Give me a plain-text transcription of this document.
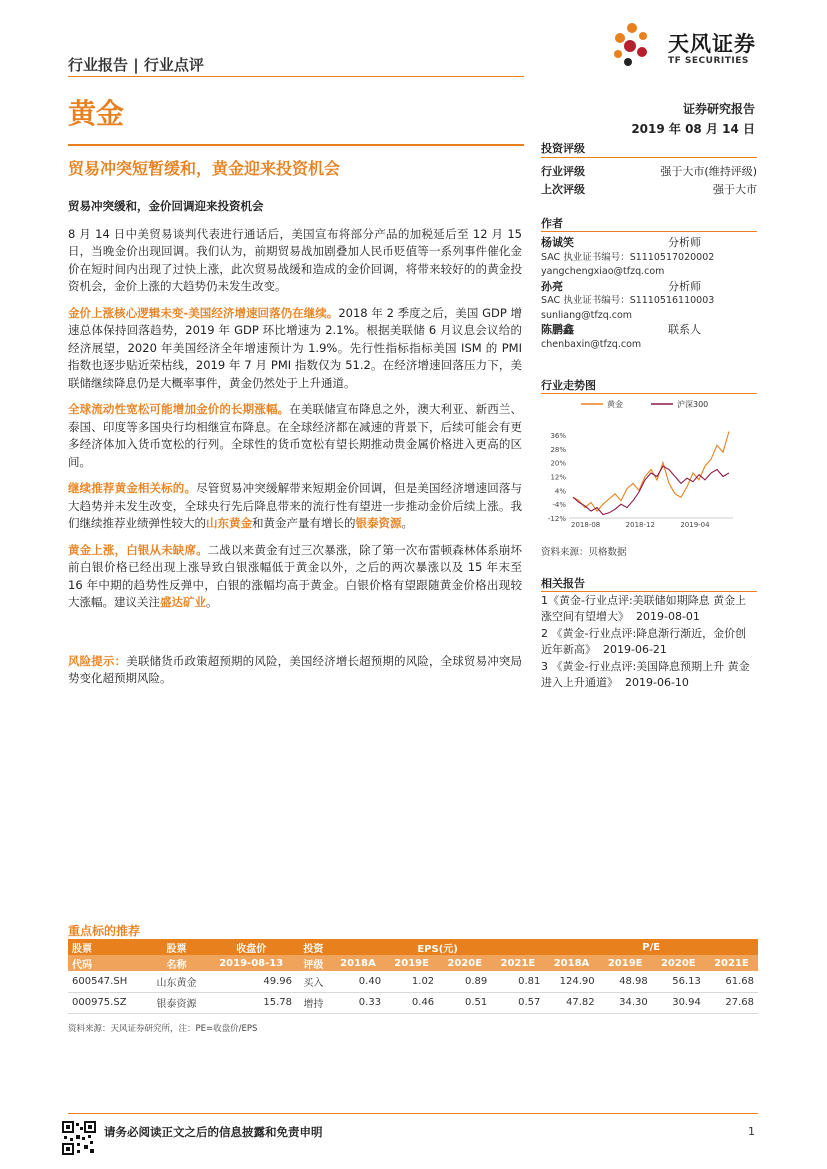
行业报告 | 行业点评
天风证券
TF SECURITIES
黄金	证券研究报告
2019 年 08 月 14 日
贸易冲突短暂缓和，黄金迎来投资机会
贸易冲突缓和，金价回调迎来投资机会

8 月 14 日中美贸易谈判代表进行通话后，美国宣布将部分产品的加税延后至 12 月 15 日，当晚金价出现回调。我们认为，前期贸易战加剧叠加人民币贬值等一系列事件催化金价在短时间内出现了过快上涨，此次贸易战缓和造成的金价回调，将带来较好的的黄金投资机会，金价上涨的大趋势仍未发生改变。

金价上涨核心逻辑未变-美国经济增速回落仍在继续。2018 年 2 季度之后，美国 GDP 增速总体保持回落趋势，2019 年 GDP 环比增速为 2.1%。根据美联储 6 月议息会议给的经济展望，2020 年美国经济全年增速预计为 1.9%。先行性指标指标美国 ISM 的 PMI 指数也逐步贴近荣枯线，2019 年 7 月 PMI 指数仅为 51.2。在经济增速回落压力下，美联储继续降息仍是大概率事件，黄金仍然处于上升通道。

全球流动性宽松可能增加金价的长期涨幅。在美联储宣布降息之外，澳大利亚、新西兰、泰国、印度等多国央行均相继宣布降息。在全球经济都在减速的背景下，后续可能会有更多经济体加入货币宽松的行列。全球性的货币宽松有望长期推动贵金属价格进入更高的区间。

继续推荐黄金相关标的。尽管贸易冲突缓解带来短期金价回调，但是美国经济增速回落与大趋势并未发生改变，全球央行先后降息带来的流行性有望进一步推动金价后续上涨。我们继续推荐业绩弹性较大的山东黄金和黄金产量有增长的银泰资源。

黄金上涨，白银从未缺席。二战以来黄金有过三次暴涨，除了第一次布雷顿森林体系崩坏前白银价格已经出现上涨导致白银涨幅低于黄金以外，之后的两次暴涨以及 15 年末至 16 年中期的趋势性反弹中，白银的涨幅均高于黄金。白银价格有望跟随黄金价格出现较大涨幅。建议关注盛达矿业。

风险提示：美联储货币政策超预期的风险，美国经济增长超预期的风险，全球贸易冲突局势变化超预期风险。

投资评级
行业评级	强于大市(维持评级)
上次评级	强于大市
作者
杨诚笑	分析师
SAC 执业证书编号：S1110517020002
yangchengxiao@tfzq.com
孙亮	分析师
SAC 执业证书编号：S1110516110003
sunliang@tfzq.com
陈鹏鑫	联系人
chenbaxin@tfzq.com
行业走势图
黄金	沪深300
36%
28%
20%
12%
4%
-4%
-12%
2018-08	2018-12	2019-04
资料来源：贝格数据
相关报告
1《黄金-行业点评:美联储如期降息 黄金上涨空间有望增大》 2019-08-01
2 《黄金-行业点评:降息渐行渐近，金价创近年新高》 2019-06-21
3 《黄金-行业点评:美国降息预期上升 黄金进入上升通道》 2019-06-10
重点标的推荐
股票	股票	收盘价	投资	EPS(元)				P/E			
代码	名称	2019-08-13	评级	2018A	2019E	2020E	2021E	2018A	2019E	2020E	2021E
600547.SH	山东黄金	49.96	买入	0.40	1.02	0.89	0.81	124.90	48.98	56.13	61.68
000975.SZ	银泰资源	15.78	增持	0.33	0.46	0.51	0.57	47.82	34.30	30.94	27.68
资料来源：天风证券研究所，注：PE=收盘价/EPS
请务必阅读正文之后的信息披露和免责申明	1
